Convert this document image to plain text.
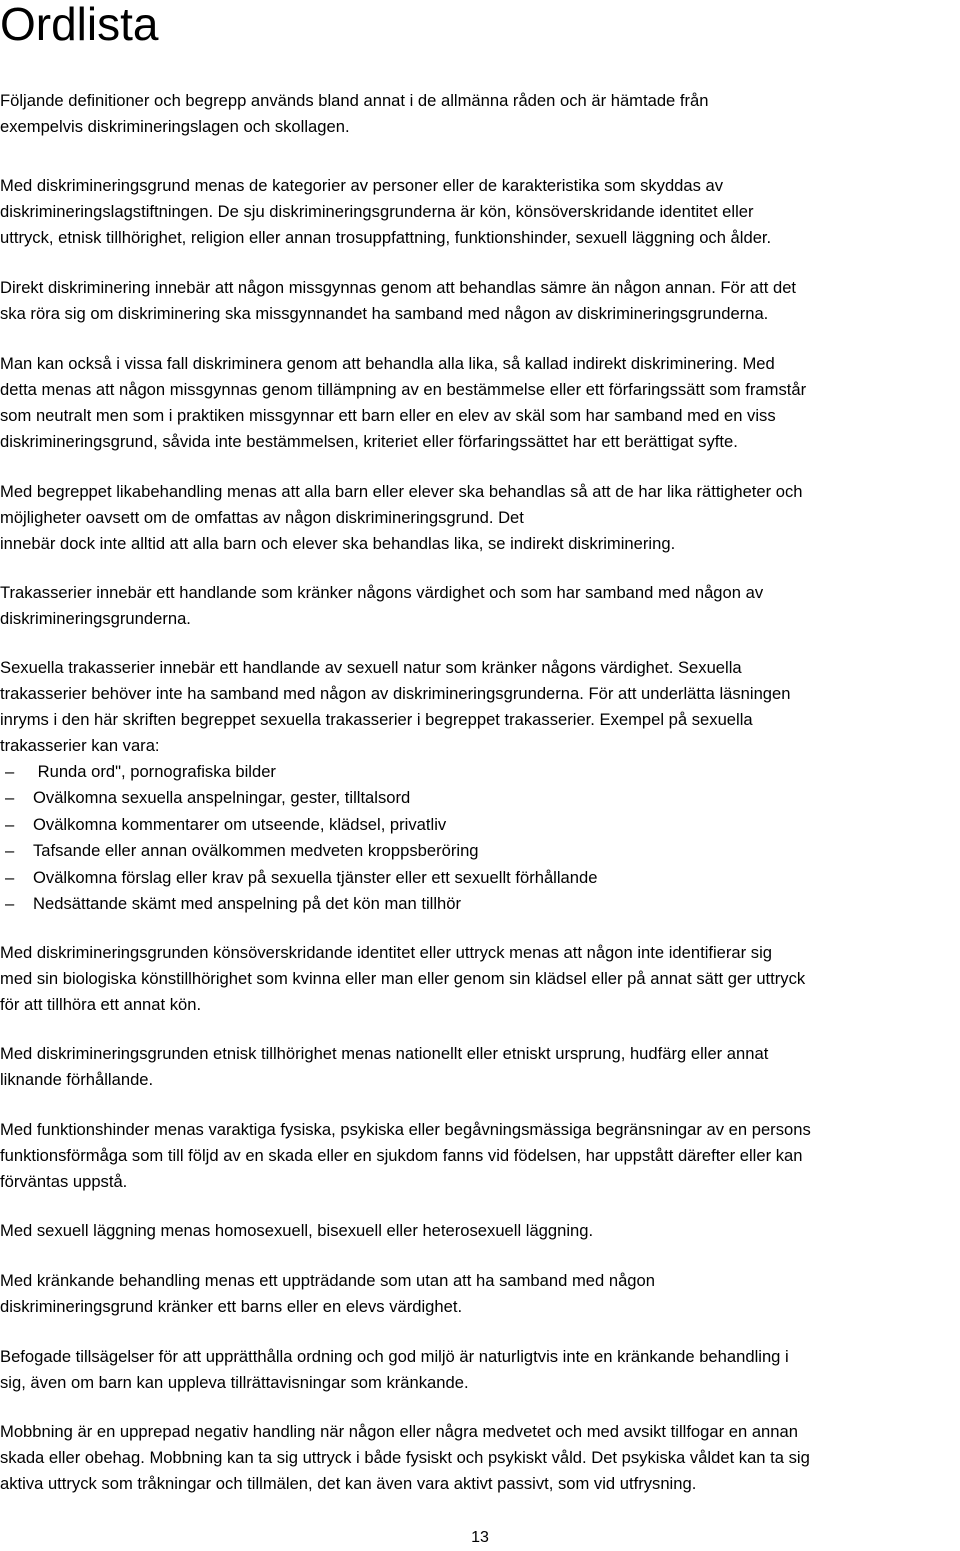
Ordlista
Följande definitioner och begrepp används bland annat i de allmänna råden och är hämtade från
exempelvis diskrimineringslagen och skollagen.
Med diskrimineringsgrund menas de kategorier av personer eller de karakteristika som skyddas av
diskrimineringslagstiftningen. De sju diskrimineringsgrunderna är kön, könsöverskridande identitet eller
uttryck, etnisk tillhörighet, religion eller annan trosuppfattning, funktionshinder, sexuell läggning och ålder.
Direkt diskriminering innebär att någon missgynnas genom att behandlas sämre än någon annan. För att det
ska röra sig om diskriminering ska missgynnandet ha samband med någon av diskrimineringsgrunderna.
Man kan också i vissa fall diskriminera genom att behandla alla lika, så kallad indirekt diskriminering. Med
detta menas att någon missgynnas genom tillämpning av en bestämmelse eller ett förfaringssätt som framstår
som neutralt men som i praktiken missgynnar ett barn eller en elev av skäl som har samband med en viss
diskrimineringsgrund, såvida inte bestämmelsen, kriteriet eller förfaringssättet har ett berättigat syfte.
Med begreppet likabehandling menas att alla barn eller elever ska behandlas så att de har lika rättigheter och
möjligheter oavsett om de omfattas av någon diskrimineringsgrund. Det
innebär dock inte alltid att alla barn och elever ska behandlas lika, se indirekt diskriminering.
Trakasserier innebär ett handlande som kränker någons värdighet och som har samband med någon av
diskrimineringsgrunderna.
Sexuella trakasserier innebär ett handlande av sexuell natur som kränker någons värdighet. Sexuella
trakasserier behöver inte ha samband med någon av diskrimineringsgrunderna. För att underlätta läsningen
inryms i den här skriften begreppet sexuella trakasserier i begreppet trakasserier. Exempel på sexuella
trakasserier kan vara:
– Runda ord", pornografiska bilder
– Ovälkomna sexuella anspelningar, gester, tilltalsord
– Ovälkomna kommentarer om utseende, klädsel, privatliv
– Tafsande eller annan ovälkommen medveten kroppsberöring
– Ovälkomna förslag eller krav på sexuella tjänster eller ett sexuellt förhållande
– Nedsättande skämt med anspelning på det kön man tillhör
Med diskrimineringsgrunden könsöverskridande identitet eller uttryck menas att någon inte identifierar sig
med sin biologiska könstillhörighet som kvinna eller man eller genom sin klädsel eller på annat sätt ger uttryck
för att tillhöra ett annat kön.
Med diskrimineringsgrunden etnisk tillhörighet menas nationellt eller etniskt ursprung, hudfärg eller annat
liknande förhållande.
Med funktionshinder menas varaktiga fysiska, psykiska eller begåvningsmässiga begränsningar av en persons
funktionsförmåga som till följd av en skada eller en sjukdom fanns vid födelsen, har uppstått därefter eller kan
förväntas uppstå.
Med sexuell läggning menas homosexuell, bisexuell eller heterosexuell läggning.
Med kränkande behandling menas ett uppträdande som utan att ha samband med någon
diskrimineringsgrund kränker ett barns eller en elevs värdighet.
Befogade tillsägelser för att upprätthålla ordning och god miljö är naturligtvis inte en kränkande behandling i
sig, även om barn kan uppleva tillrättavisningar som kränkande.
Mobbning är en upprepad negativ handling när någon eller några medvetet och med avsikt tillfogar en annan
skada eller obehag. Mobbning kan ta sig uttryck i både fysiskt och psykiskt våld. Det psykiska våldet kan ta sig
aktiva uttryck som tråkningar och tillmälen, det kan även vara aktivt passivt, som vid utfrysning.
13
